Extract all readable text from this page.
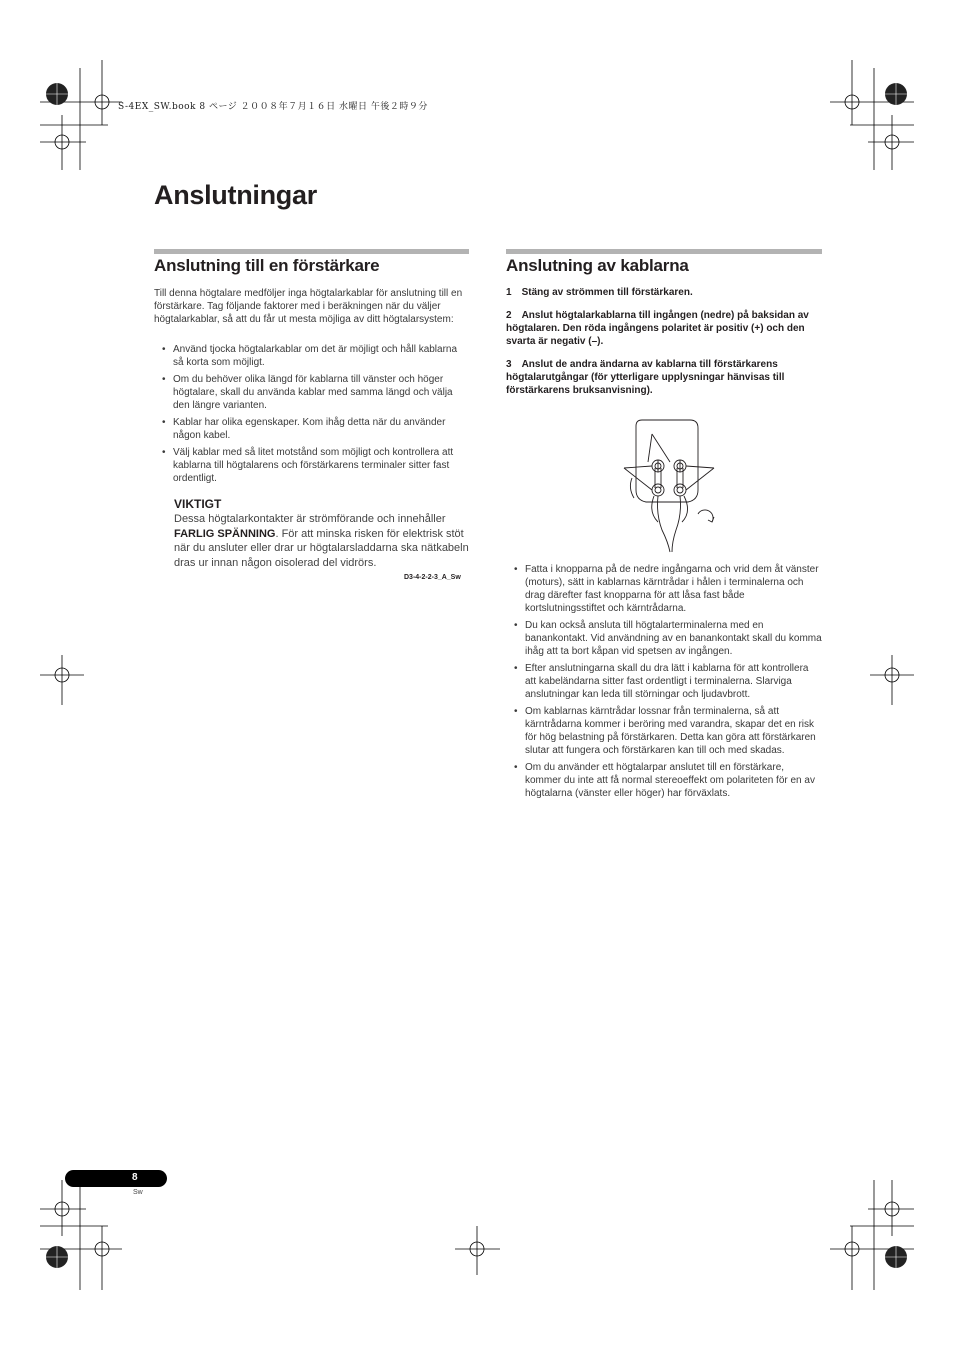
S-4EX_SW.book 8 ページ ２００８年７月１６日 水曜日 午後２時９分
Anslutningar
Anslutning till en förstärkare
Till denna högtalare medföljer inga högtalarkablar för anslutning till en förstärkare. Tag följande faktorer med i beräkningen när du väljer högtalarkablar, så att du får ut mesta möjliga av ditt högtalarsystem:
• Använd tjocka högtalarkablar om det är möjligt och håll kablarna så korta som möjligt.
• Om du behöver olika längd för kablarna till vänster och höger högtalare, skall du använda kablar med samma längd och välja den längre varianten.
• Kablar har olika egenskaper. Kom ihåg detta när du använder någon kabel.
• Välj kablar med så litet motstånd som möjligt och kontrollera att kablarna till högtalarens och förstärkarens terminaler sitter fast ordentligt.
VIKTIGT
Dessa högtalarkontakter är strömförande och innehåller FARLIG SPÄNNING. För att minska risken för elektrisk stöt när du ansluter eller drar ur högtalarsladdarna ska nätkabeln dras ur innan någon oisolerad del vidrörs.
D3-4-2-2-3_A_Sw
Anslutning av kablarna
1 Stäng av strömmen till förstärkaren.
2 Anslut högtalarkablarna till ingången (nedre) på baksidan av högtalaren. Den röda ingångens polaritet är positiv (+) och den svarta är negativ (–).
3 Anslut de andra ändarna av kablarna till förstärkarens högtalarutgångar (för ytterligare upplysningar hänvisas till förstärkarens bruksanvisning).
• Fatta i knopparna på de nedre ingångarna och vrid dem åt vänster (moturs), sätt in kablarnas kärntrådar i hålen i terminalerna och drag därefter fast knopparna för att låsa fast både kortslutningsstiftet och kärntrådarna.
• Du kan också ansluta till högtalarterminalerna med en banankontakt. Vid användning av en banankontakt skall du komma ihåg att ta bort kåpan vid spetsen av ingången.
• Efter anslutningarna skall du dra lätt i kablarna för att kontrollera att kabeländarna sitter fast ordentligt i terminalerna. Slarviga anslutningar kan leda till störningar och ljudavbrott.
• Om kablarnas kärntrådar lossnar från terminalerna, så att kärntrådarna kommer i beröring med varandra, skapar det en risk för hög belastning på förstärkaren. Detta kan göra att förstärkaren slutar att fungera och förstärkaren kan till och med skadas.
• Om du använder ett högtalarpar anslutet till en förstärkare, kommer du inte att få normal stereoeffekt om polariteten för en av högtalarna (vänster eller höger) har förväxlats.
8
Sw
